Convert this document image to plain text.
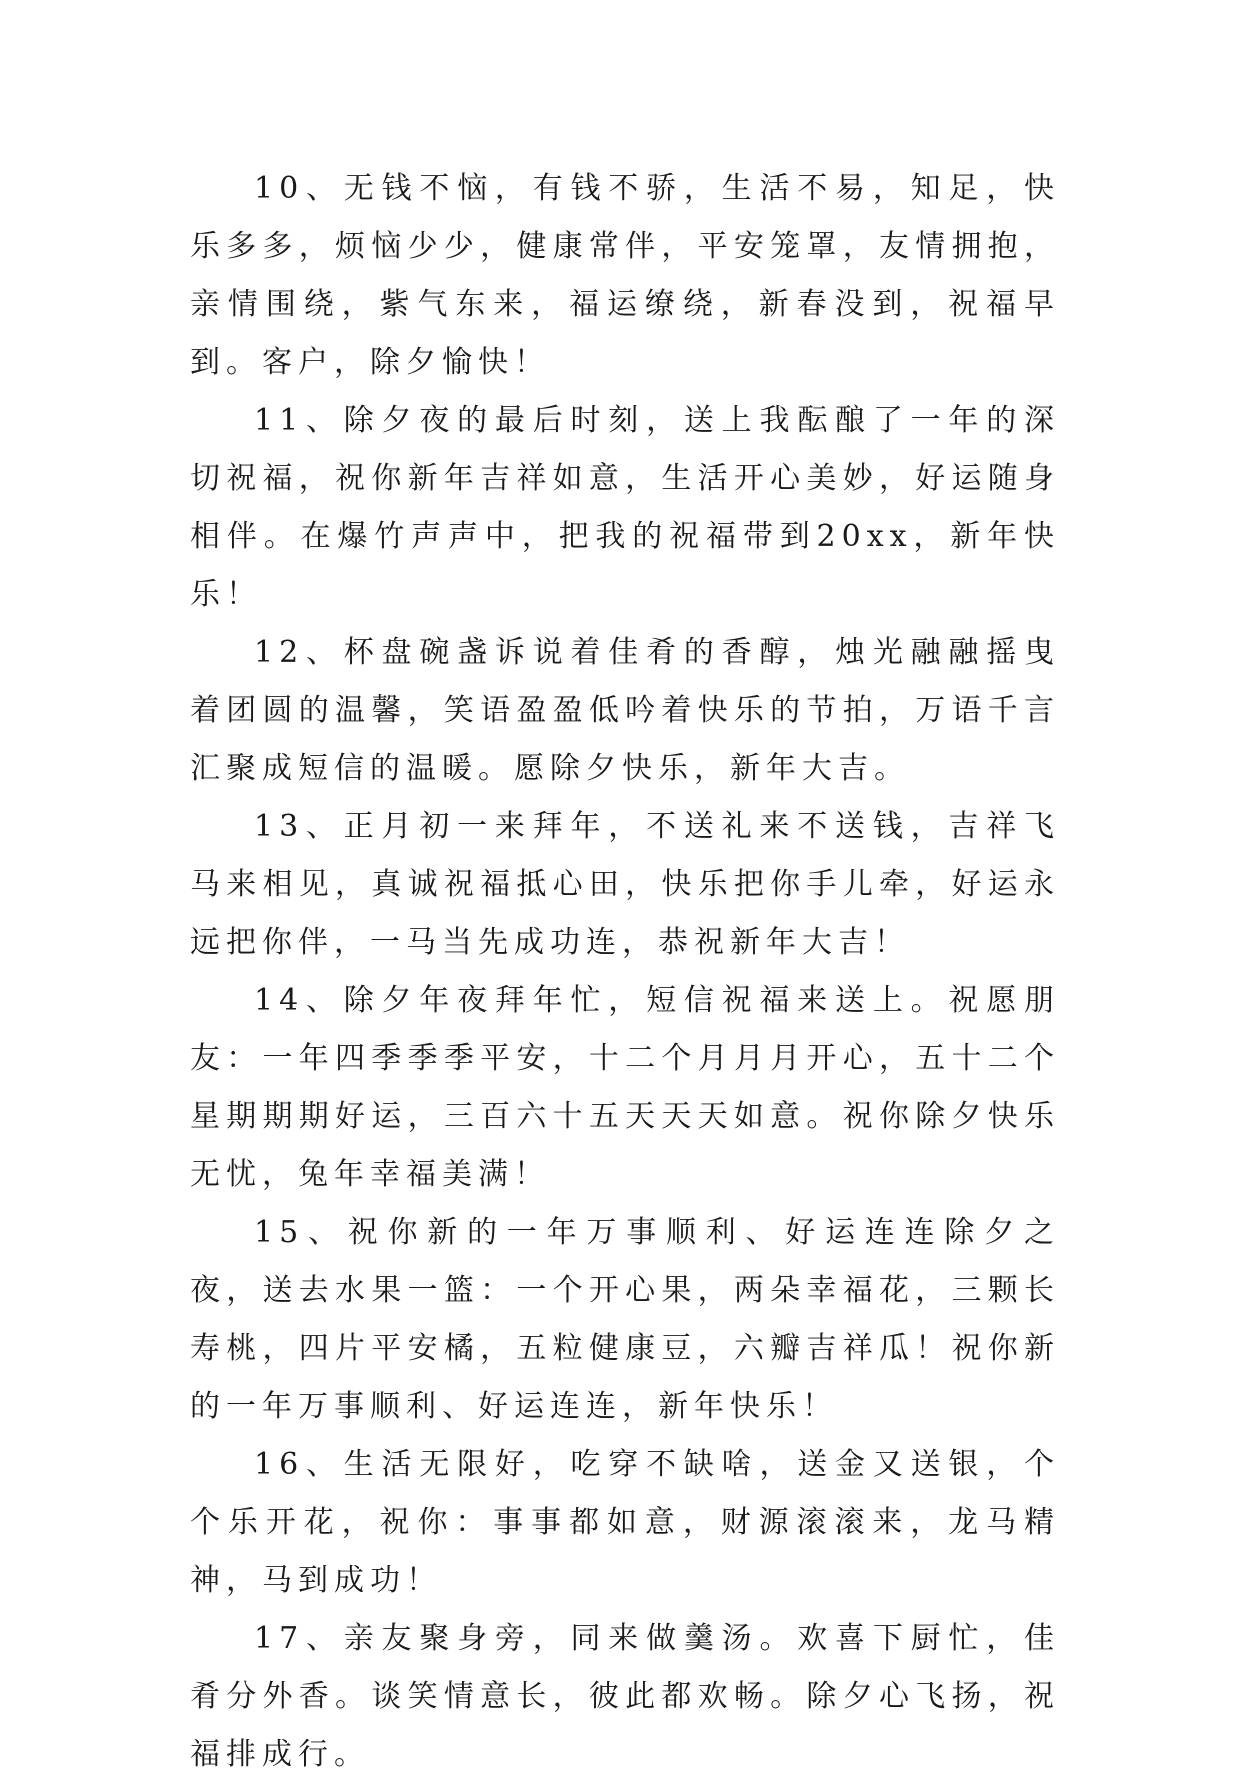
10、无钱不恼，有钱不骄，生活不易，知足，快乐多多，烦恼少少，健康常伴，平安笼罩，友情拥抱，亲情围绕，紫气东来，福运缭绕，新春没到，祝福早到。客户，除夕愉快！

11、除夕夜的最后时刻，送上我酝酿了一年的深切祝福，祝你新年吉祥如意，生活开心美妙，好运随身相伴。在爆竹声声中，把我的祝福带到20xx，新年快乐！

12、杯盘碗盏诉说着佳肴的香醇，烛光融融摇曳着团圆的温馨，笑语盈盈低吟着快乐的节拍，万语千言汇聚成短信的温暖。愿除夕快乐，新年大吉。

13、正月初一来拜年，不送礼来不送钱，吉祥飞马来相见，真诚祝福抵心田，快乐把你手儿牵，好运永远把你伴，一马当先成功连，恭祝新年大吉！

14、除夕年夜拜年忙，短信祝福来送上。祝愿朋友：一年四季季季平安，十二个月月月开心，五十二个星期期期好运，三百六十五天天天如意。祝你除夕快乐无忧，兔年幸福美满！

15、祝你新的一年万事顺利、好运连连除夕之夜，送去水果一篮：一个开心果，两朵幸福花，三颗长寿桃，四片平安橘，五粒健康豆，六瓣吉祥瓜！祝你新的一年万事顺利、好运连连，新年快乐！

16、生活无限好，吃穿不缺啥，送金又送银，个个乐开花，祝你：事事都如意，财源滚滚来，龙马精神，马到成功！

17、亲友聚身旁，同来做羹汤。欢喜下厨忙，佳肴分外香。谈笑情意长，彼此都欢畅。除夕心飞扬，祝福排成行。
